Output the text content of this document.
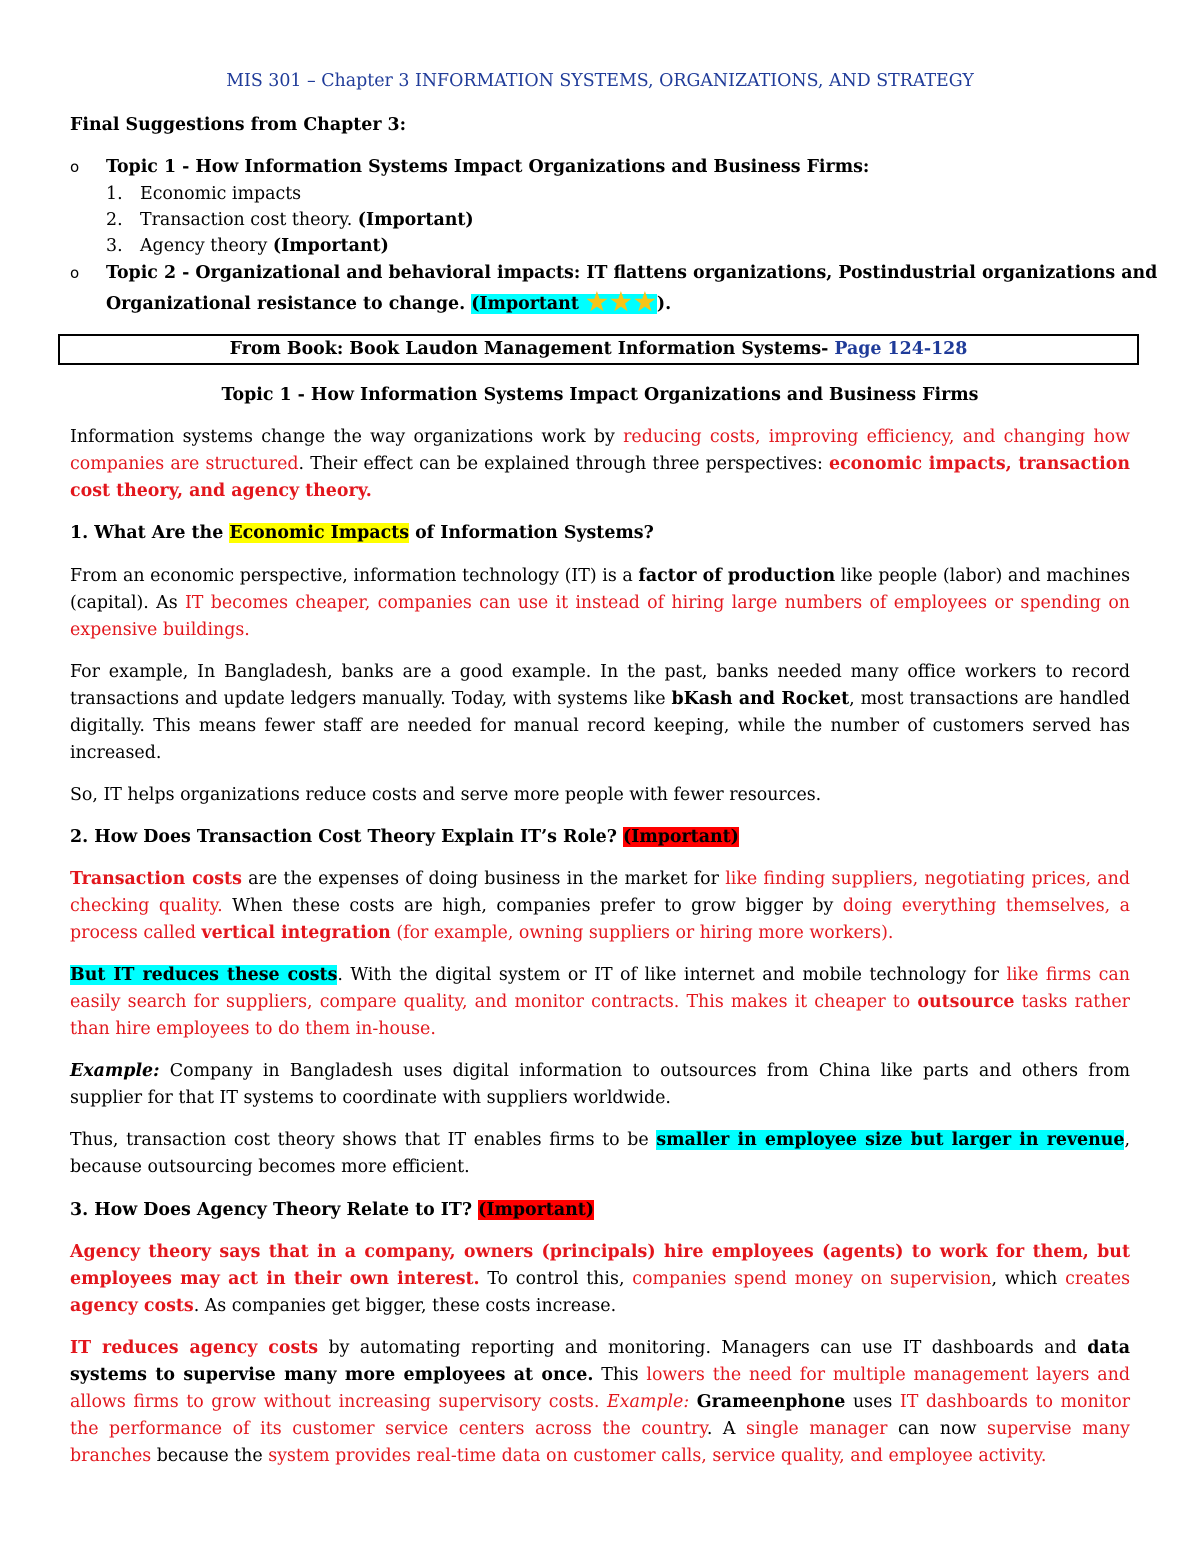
MIS 301 – Chapter 3 INFORMATION SYSTEMS, ORGANIZATIONS, AND STRATEGY
Final Suggestions from Chapter 3:
o Topic 1 - How Information Systems Impact Organizations and Business Firms:
1. Economic impacts
2. Transaction cost theory. (Important)
3. Agency theory (Important)
o Topic 2 - Organizational and behavioral impacts: IT flattens organizations, Postindustrial organizations and
Organizational resistance to change. (Important	).
From Book: Book Laudon Management Information Systems- Page 124-128
Topic 1 - How Information Systems Impact Organizations and Business Firms
Information systems change the way organizations work by reducing costs, improving efficiency, and changing how companies are structured. Their effect can be explained through three perspectives: economic impacts, transaction cost theory, and agency theory.
1. What Are the Economic Impacts of Information Systems?
From an economic perspective, information technology (IT) is a factor of production like people (labor) and machines (capital). As IT becomes cheaper, companies can use it instead of hiring large numbers of employees or spending on expensive buildings.
For example, In Bangladesh, banks are a good example. In the past, banks needed many office workers to record transactions and update ledgers manually. Today, with systems like bKash and Rocket, most transactions are handled digitally. This means fewer staff are needed for manual record keeping, while the number of customers served has increased.
So, IT helps organizations reduce costs and serve more people with fewer resources.
2. How Does Transaction Cost Theory Explain IT’s Role? (Important)
Transaction costs are the expenses of doing business in the market for like finding suppliers, negotiating prices, and checking quality. When these costs are high, companies prefer to grow bigger by doing everything themselves, a process called vertical integration (for example, owning suppliers or hiring more workers).
But IT reduces these costs. With the digital system or IT of like internet and mobile technology for like firms can easily search for suppliers, compare quality, and monitor contracts. This makes it cheaper to outsource tasks rather than hire employees to do them in-house.
Example: Company in Bangladesh uses digital information to outsources from China like parts and others from supplier for that IT systems to coordinate with suppliers worldwide.
Thus, transaction cost theory shows that IT enables firms to be smaller in employee size but larger in revenue, because outsourcing becomes more efficient.
3. How Does Agency Theory Relate to IT? (Important)
Agency theory says that in a company, owners (principals) hire employees (agents) to work for them, but employees may act in their own interest. To control this, companies spend money on supervision, which creates agency costs. As companies get bigger, these costs increase.
IT reduces agency costs by automating reporting and monitoring. Managers can use IT dashboards and data systems to supervise many more employees at once. This lowers the need for multiple management layers and allows firms to grow without increasing supervisory costs. Example: Grameenphone uses IT dashboards to monitor the performance of its customer service centers across the country. A single manager can now supervise many branches because the system provides real-time data on customer calls, service quality, and employee activity.
